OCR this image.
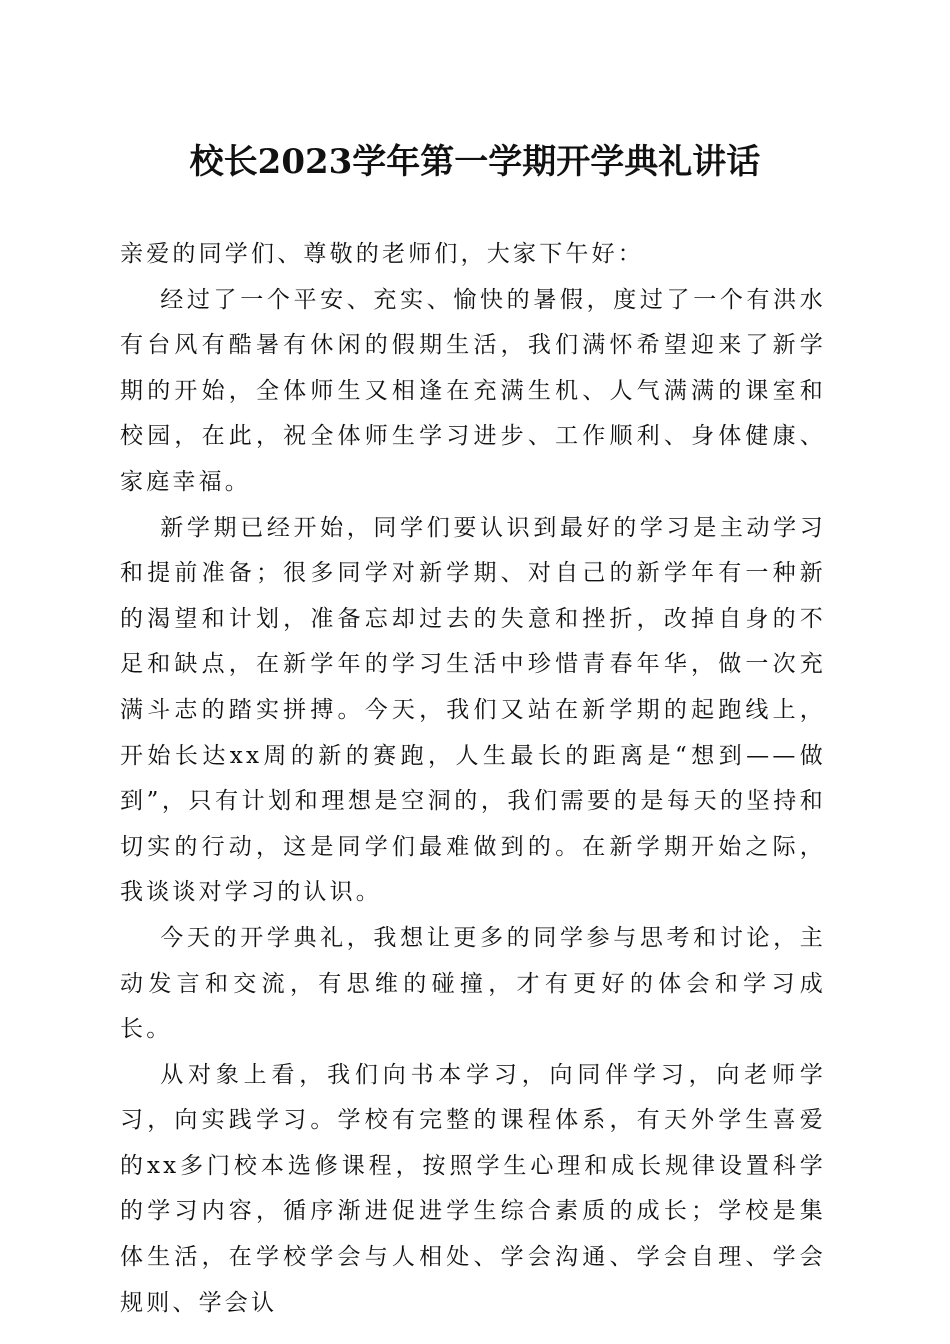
校长2023学年第一学期开学典礼讲话

亲爱的同学们、尊敬的老师们，大家下午好：

经过了一个平安、充实、愉快的暑假，度过了一个有洪水有台风有酷暑有休闲的假期生活，我们满怀希望迎来了新学期的开始，全体师生又相逢在充满生机、人气满满的课室和校园，在此，祝全体师生学习进步、工作顺利、身体健康、家庭幸福。

新学期已经开始，同学们要认识到最好的学习是主动学习和提前准备；很多同学对新学期、对自己的新学年有一种新的渴望和计划，准备忘却过去的失意和挫折，改掉自身的不足和缺点，在新学年的学习生活中珍惜青春年华，做一次充满斗志的踏实拼搏。今天，我们又站在新学期的起跑线上，开始长达xx周的新的赛跑，人生最长的距离是“想到——做到”，只有计划和理想是空洞的，我们需要的是每天的坚持和切实的行动，这是同学们最难做到的。在新学期开始之际，我谈谈对学习的认识。

今天的开学典礼，我想让更多的同学参与思考和讨论，主动发言和交流，有思维的碰撞，才有更好的体会和学习成长。

从对象上看，我们向书本学习，向同伴学习，向老师学习，向实践学习。学校有完整的课程体系，有天外学生喜爱的xx多门校本选修课程，按照学生心理和成长规律设置科学的学习内容，循序渐进促进学生综合素质的成长；学校是集体生活，在学校学会与人相处、学会沟通、学会自理、学会规则、学会认
